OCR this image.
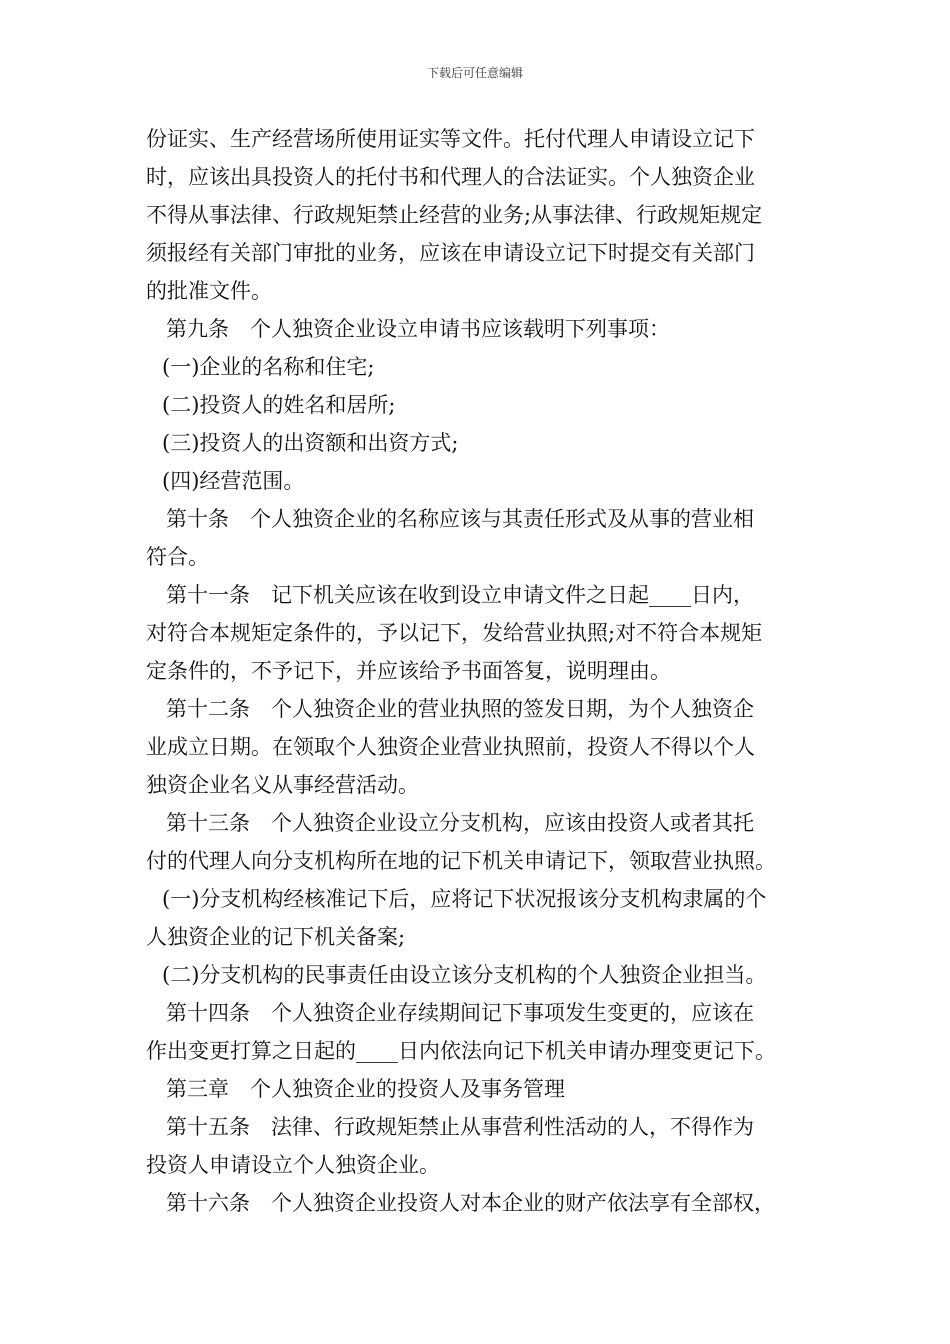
下载后可任意编辑
份证实、生产经营场所使用证实等文件。托付代理人申请设立记下
时，应该出具投资人的托付书和代理人的合法证实。个人独资企业
不得从事法律、行政规矩禁止经营的业务;从事法律、行政规矩规定
须报经有关部门审批的业务，应该在申请设立记下时提交有关部门
的批准文件。
第九条　个人独资企业设立申请书应该载明下列事项：
(一)企业的名称和住宅;
(二)投资人的姓名和居所;
(三)投资人的出资额和出资方式;
(四)经营范围。
第十条　个人独资企业的名称应该与其责任形式及从事的营业相
符合。
第十一条　记下机关应该在收到设立申请文件之日起____日内，
对符合本规矩定条件的，予以记下，发给营业执照;对不符合本规矩
定条件的，不予记下，并应该给予书面答复，说明理由。
第十二条　个人独资企业的营业执照的签发日期，为个人独资企
业成立日期。在领取个人独资企业营业执照前，投资人不得以个人
独资企业名义从事经营活动。
第十三条　个人独资企业设立分支机构，应该由投资人或者其托
付的代理人向分支机构所在地的记下机关申请记下，领取营业执照。
(一)分支机构经核准记下后，应将记下状况报该分支机构隶属的个
人独资企业的记下机关备案;
(二)分支机构的民事责任由设立该分支机构的个人独资企业担当。
第十四条　个人独资企业存续期间记下事项发生变更的，应该在
作出变更打算之日起的____日内依法向记下机关申请办理变更记下。
第三章　个人独资企业的投资人及事务管理
第十五条　法律、行政规矩禁止从事营利性活动的人，不得作为
投资人申请设立个人独资企业。
第十六条　个人独资企业投资人对本企业的财产依法享有全部权，
